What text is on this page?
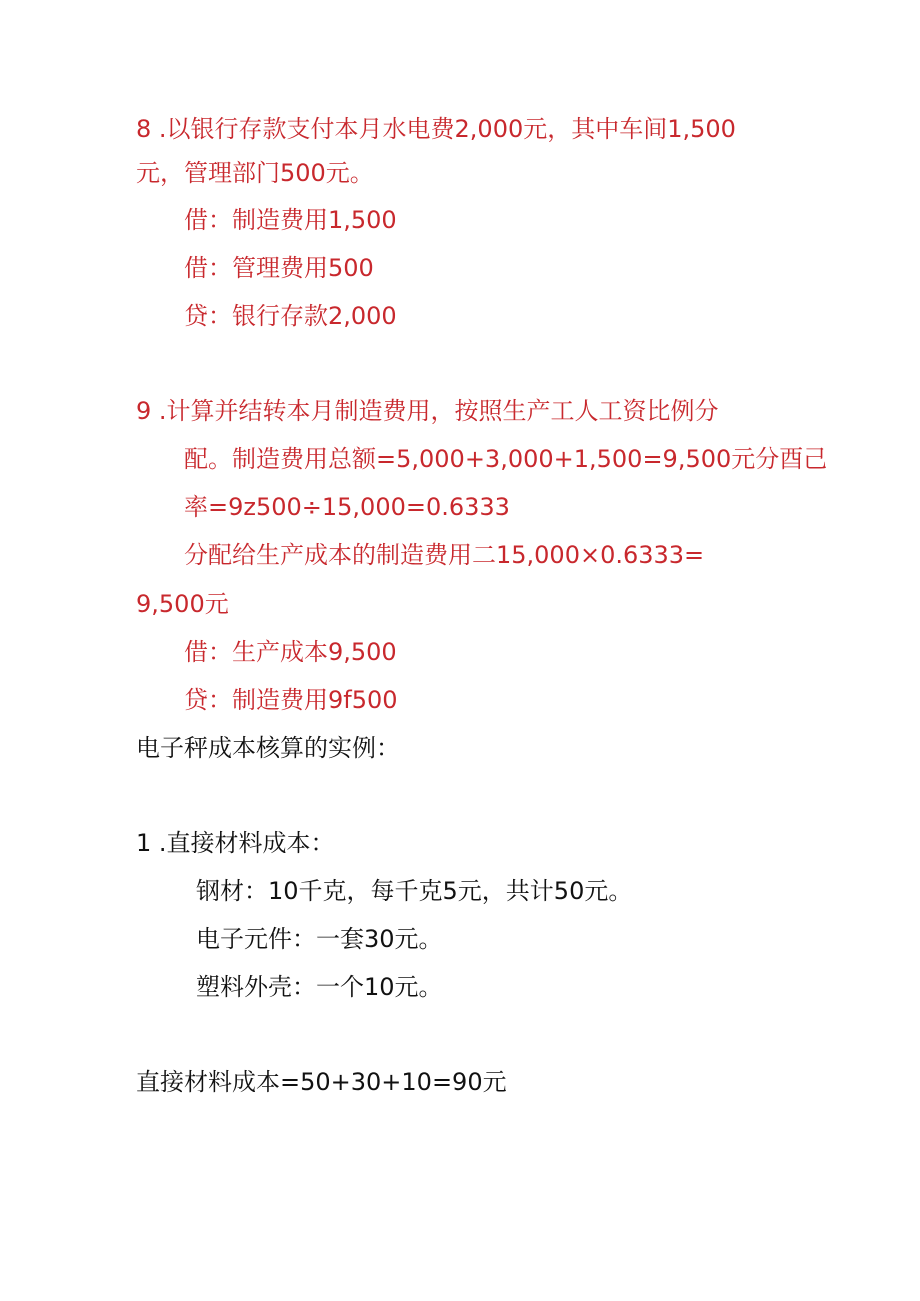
8 .以银行存款支付本月水电费2,000元，其中车间1,500
元，管理部门500元。
借：制造费用1,500
借：管理费用500
贷：银行存款2,000
9 .计算并结转本月制造费用，按照生产工人工资比例分
配。制造费用总额=5,000+3,000+1,500=9,500元分酉己
率=9z500÷15,000=0.6333
分配给生产成本的制造费用二15,000×0.6333=
9,500元
借：生产成本9,500
贷：制造费用9f500
电子秤成本核算的实例：
1 .直接材料成本：
钢材：10千克，每千克5元，共计50元。
电子元件：一套30元。
塑料外壳：一个10元。
直接材料成本=50+30+10=90元
